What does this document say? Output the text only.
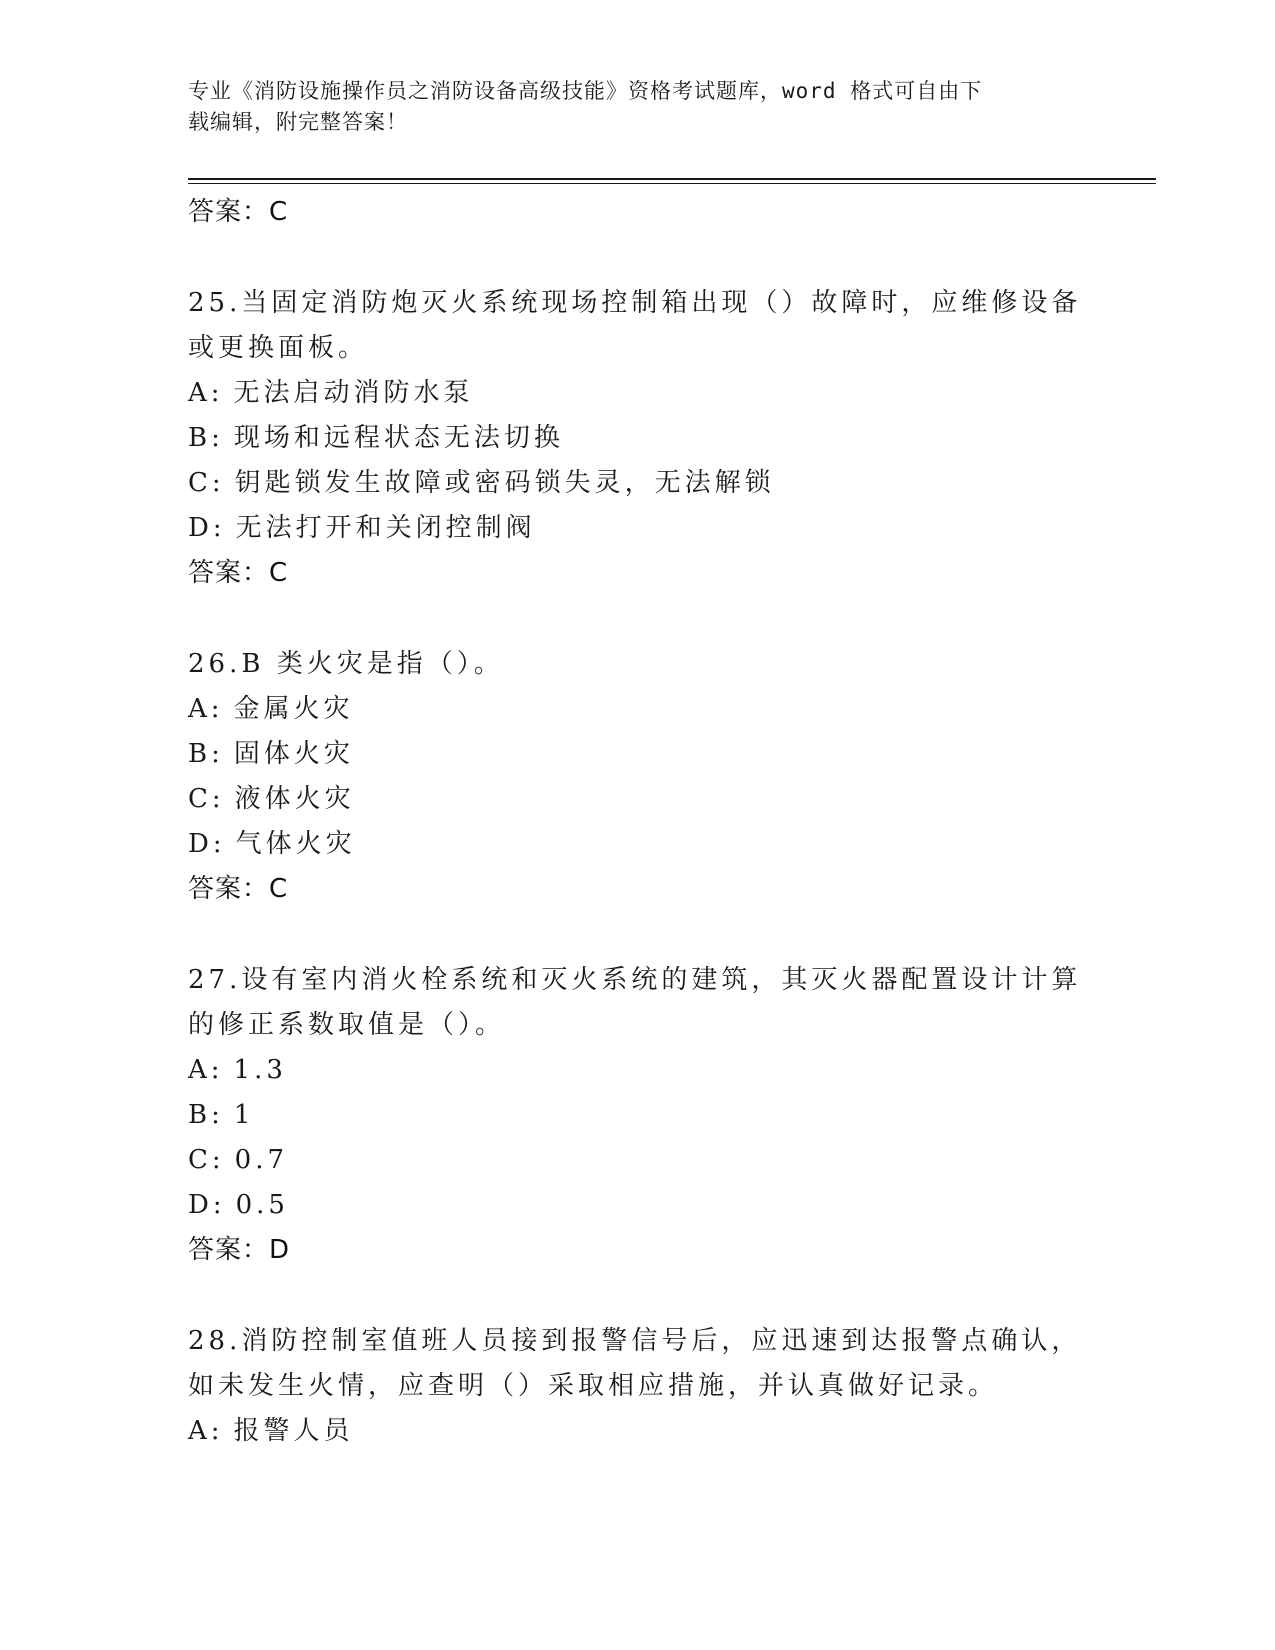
专业《消防设施操作员之消防设备高级技能》资格考试题库，word 格式可自由下
载编辑，附完整答案！
答案：C
25.当固定消防炮灭火系统现场控制箱出现（）故障时，应维修设备或更换面板。
A: 无法启动消防水泵
B: 现场和远程状态无法切换
C: 钥匙锁发生故障或密码锁失灵，无法解锁
D: 无法打开和关闭控制阀
答案：C
26.B 类火灾是指（）。
A: 金属火灾
B: 固体火灾
C: 液体火灾
D: 气体火灾
答案：C
27.设有室内消火栓系统和灭火系统的建筑，其灭火器配置设计计算的修正系数取值是（）。
A: 1.3
B: 1
C: 0.7
D: 0.5
答案：D
28.消防控制室值班人员接到报警信号后，应迅速到达报警点确认，如未发生火情，应查明（）采取相应措施，并认真做好记录。
A: 报警人员
